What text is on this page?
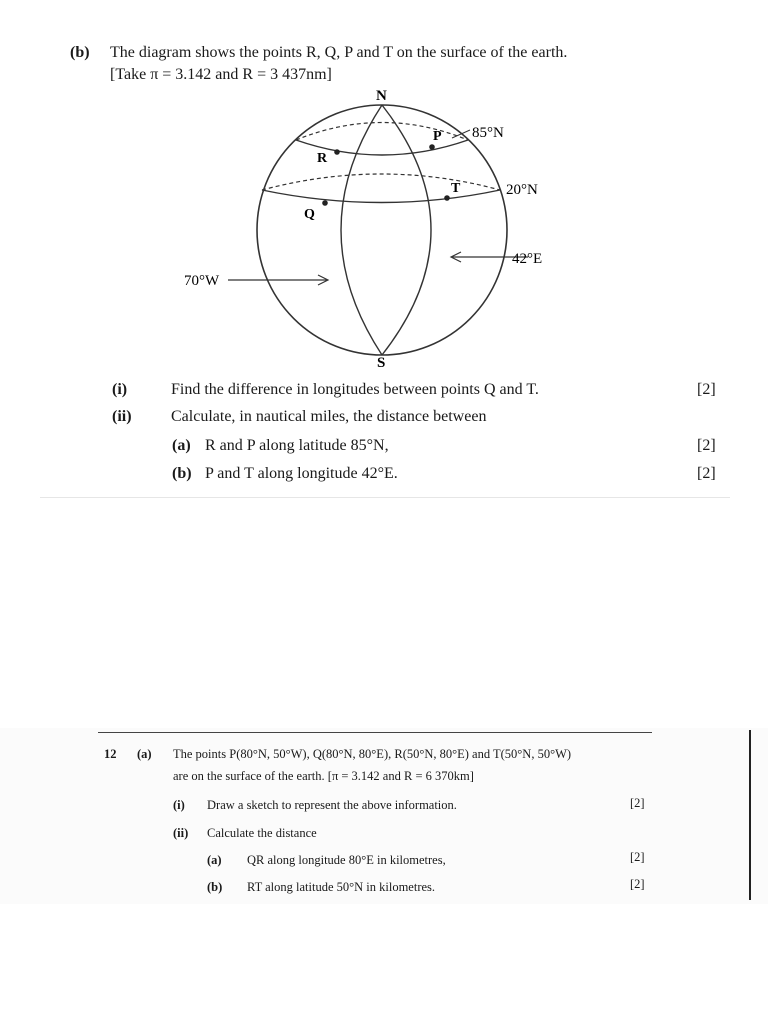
(b) The diagram shows the points R, Q, P and T on the surface of the earth.
[Take π = 3.142 and R = 3 437nm]
N
S
P
R
T
Q
85°N
20°N
42°E
70°W
(i)	Find the difference in longitudes between points Q and T.	[2]
(ii) Calculate, in nautical miles, the distance between
(a) R and P along latitude 85°N,	[2]
(b) P and T along longitude 42°E.	[2]
12 (a) The points P(80°N, 50°W), Q(80°N, 80°E), R(50°N, 80°E) and T(50°N, 50°W)
are on the surface of the earth. [π = 3.142 and R = 6 370km]
(i) Draw a sketch to represent the above information.	[2]
(ii) Calculate the distance
(a) QR along longitude 80°E in kilometres,	[2]
(b) RT along latitude 50°N in kilometres.	[2]
